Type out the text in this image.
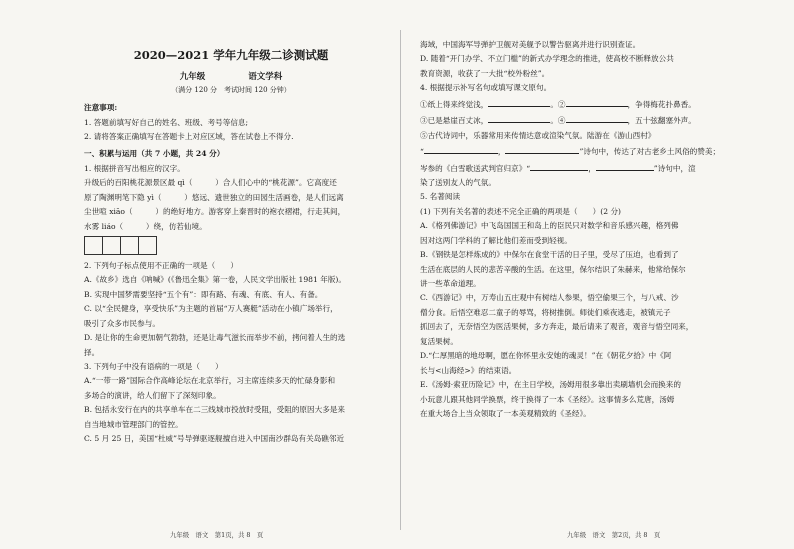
2020—2021 学年九年级二诊测试题
九年级	语文学科
（满分 120 分　考试时间 120 分钟）
注意事项:
1. 答题前填写好自己的姓名、班级、考号等信息;
2. 请将答案正确填写在答题卡上对应区域，答在试卷上不得分.
一、积累与运用（共 7 小题，共 24 分）
1. 根据拼音写出相应的汉字。
升级后的百阳桃花源景区最 qì（　　　）合人们心中的“桃花源”。它高度还
原了陶渊明笔下隐 yì（　　　）悠远、遗世独立的田园生活画卷，是人们远离
尘世喧 xiāo（　　　）的绝好地方。游客穿上秦晋时的袍衣褶裙，行走其间，
水雾 liáo（　　　）绕，仿若仙境。
2. 下列句子标点使用不正确的一项是（　　）
A.《故乡》选自《呐喊》(《鲁迅全集》第一卷，人民文学出版社 1981 年版)。
B. 实现中国梦需要坚持“五个有”：即有路、有魂、有底、有人、有备。
C. 以“全民健身，享受快乐”为主题的首届“万人赛艇”活动在小镇广场举行，
吸引了众多市民参与。
D. 是让你的生命更加朝气勃勃，还是让毒气滋长而举步不前，拷问着人生的选
择。
3. 下列句子中没有语病的一项是（　　）
A.“一带一路”国际合作高峰论坛在北京举行，习主席连续多天的忙碌身影和
多场合的演讲，给人们留下了深刻印象。
B. 包括永安行在内的共享单车在二三线城市投放时受阻，受阻的原因大多是来
自当地城市管理部门的管控。
C. 5 月 25 日，美国“杜威”号导弹驱逐舰擅自进入中国南沙群岛有关岛礁邻近
海域，中国海军导弹护卫舰对美舰予以警告驱离并进行识别查证。
D. 随着“开门办学、不立门槛”的新式办学理念的推进，使高校不断释放公共
教育资源，收获了一大批“校外粉丝”。
4. 根据提示补写名句或填写课文原句。
①纸上得来终觉浅，	。②	，争得梅花扑鼻香。
③已是悬崖百丈冰，	。④	，五十弦翻塞外声。
⑤古代诗词中，乐器常用来传情达意或渲染气氛。陆游在《游山西村》
“	，	”诗句中，传达了对古老乡土风俗的赞美；
岑参的《白雪歌送武判官归京》“	，	”诗句中，渲
染了送别友人的气氛。
5. 名著阅读
(1) 下列有关名著的表述不完全正确的两项是（　　）(2 分)
A.《格列佛游记》中飞岛国国王和岛上的臣民只对数学和音乐感兴趣，格列佛
因对这两门学科的了解比他们差而受到轻视。
B.《钢铁是怎样炼成的》中保尔在食堂干活的日子里，受尽了压迫，也看到了
生活在底层的人民的悲苦辛酸的生活。在这里，保尔结识了朱赫来，他常给保尔
讲一些革命道理。
C.《西游记》中，万寿山五庄观中有树结人参果，悟空偷果三个，与八戒、沙
僧分食。后悟空难忍二童子的辱骂，将树推倒。师徒们乘夜逃走，被镇元子
抓回去了，无奈悟空为医活果树，多方奔走，最后请来了观音，观音与悟空同来，
复活果树。
D.“仁厚黑暗的地母啊，愿在你怀里永安她的魂灵！”在《朝花夕拾》中《阿
长与<山海经>》的结束语。
E.《汤姆·索亚历险记》中，在主日学校，汤姆用很多靠出卖刷墙机会而换来的
小玩意儿跟其他同学换票，终于换得了一本《圣经》。这事情多么荒唐，汤姆
在重大场合上当众领取了一本美观精致的《圣经》。
九年级　语文　第1页，共 8　页	九年级　语文　第2页，共 8　页
